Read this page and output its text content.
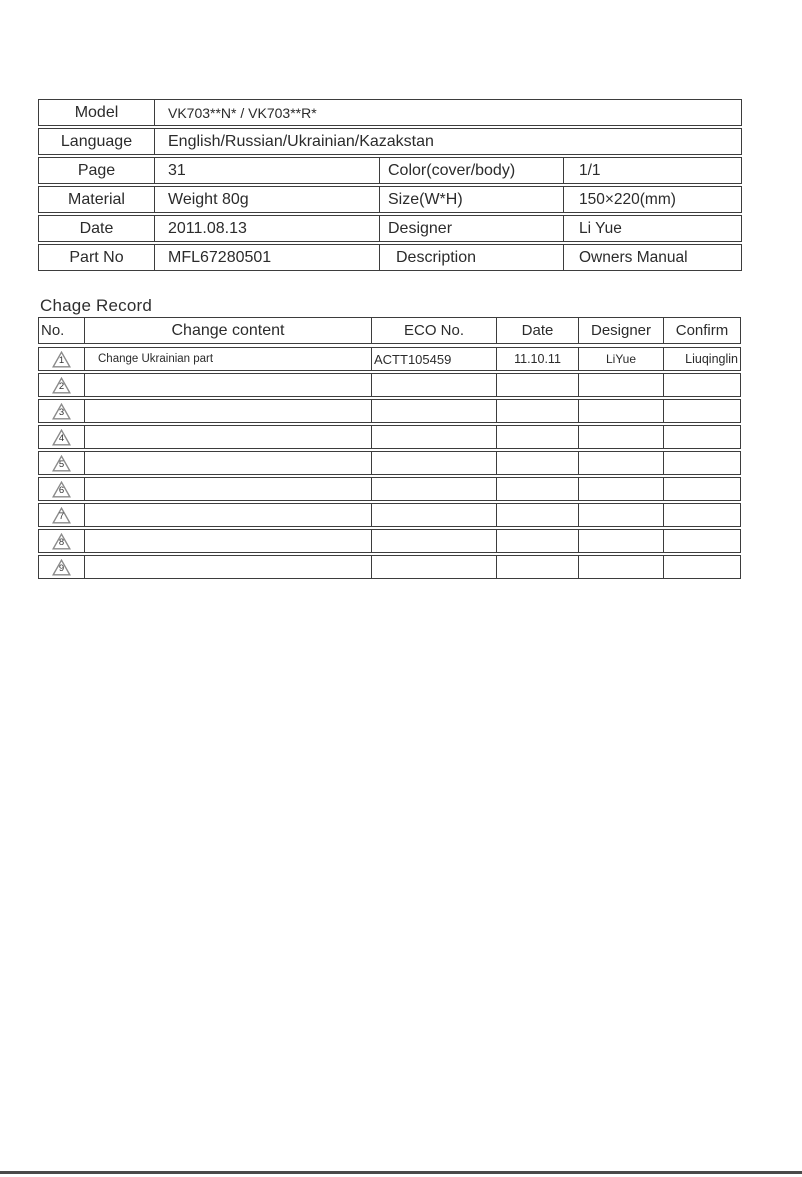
Model	VK703**N* / VK703**R*
Language	English/Russian/Ukrainian/Kazakstan
Page	31	Color(cover/body)	1/1
Material	Weight 80g	Size(W*H)	150×220(mm)
Date	2011.08.13	Designer	Li Yue
Part No	MFL67280501	Description	Owners Manual
Chage Record
No.	Change content	ECO No.	Date	Designer	Confirm
1	Change Ukrainian part	ACTT105459	11.10.11	LiYue	Liuqinglin
2
3
4
5
6
7
8
9
